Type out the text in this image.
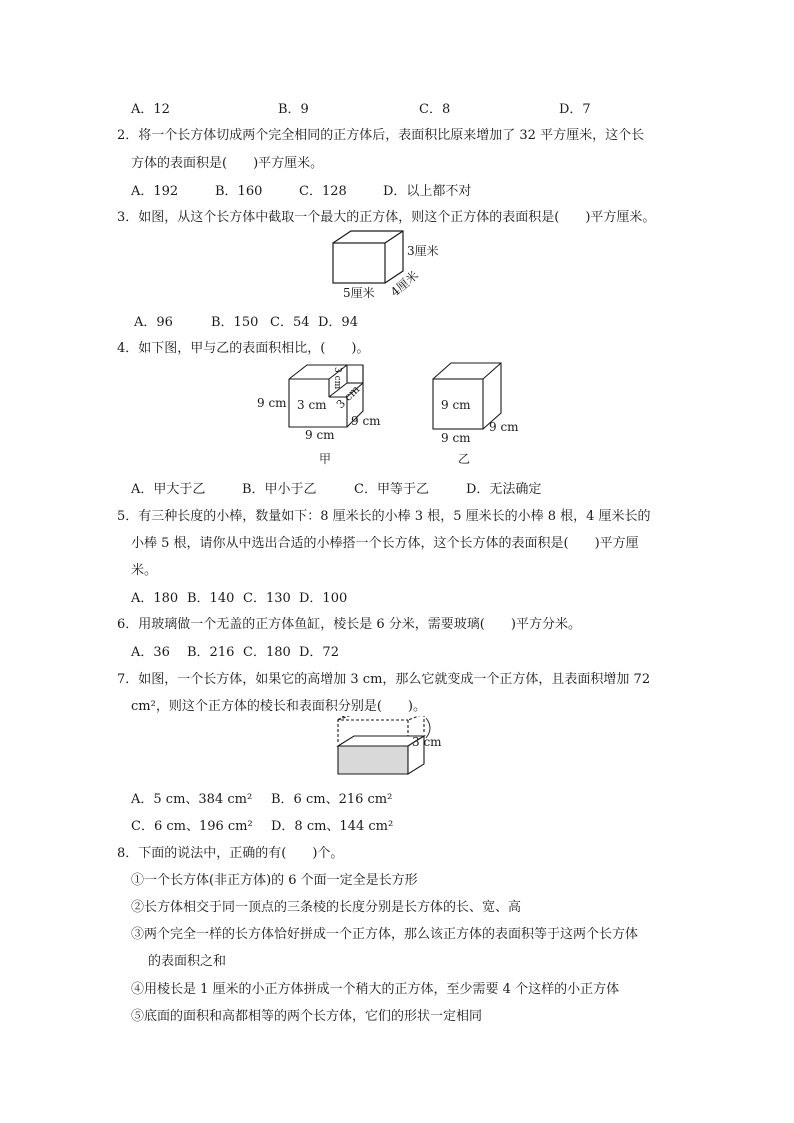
A．12	B．9	C．8	D．7
2．将一个长方体切成两个完全相同的正方体后，表面积比原来增加了 32 平方厘米，这个长
方体的表面积是(　　)平方厘米。
A．192	B．160	C．128	D．以上都不对
3．如图，从这个长方体中截取一个最大的正方体，则这个正方体的表面积是(　　)平方厘米。
3厘米
5厘米 4厘米
A．96	B．150 C．54 D．94
4．如下图，甲与乙的表面积相比，(　　)。
9 cm 3 cm 3 cm
3 cm
9 cm
9 cm
甲
9 cm
9 cm
9 cm
乙
A．甲大于乙	B．甲小于乙	C．甲等于乙	D．无法确定
5．有三种长度的小棒，数量如下：8 厘米长的小棒 3 根，5 厘米长的小棒 8 根，4 厘米长的
小棒 5 根，请你从中选出合适的小棒搭一个长方体，这个长方体的表面积是(　　)平方厘
米。
A．180 B．140 C．130 D．100
6．用玻璃做一个无盖的正方体鱼缸，棱长是 6 分米，需要玻璃(　　)平方分米。
A．36 B．216 C．180 D．72
7．如图，一个长方体，如果它的高增加 3 cm，那么它就变成一个正方体，且表面积增加 72
cm²，则这个正方体的棱长和表面积分别是(　　)。
3 cm
A．5 cm、384 cm² B．6 cm、216 cm²
C．6 cm、196 cm² D．8 cm、144 cm²
8．下面的说法中，正确的有(　　)个。
①一个长方体(非正方体)的 6 个面一定全是长方形
②长方体相交于同一顶点的三条棱的长度分别是长方体的长、宽、高
③两个完全一样的长方体恰好拼成一个正方体，那么该正方体的表面积等于这两个长方体
的表面积之和
④用棱长是 1 厘米的小正方体拼成一个稍大的正方体，至少需要 4 个这样的小正方体
⑤底面的面积和高都相等的两个长方体，它们的形状一定相同
